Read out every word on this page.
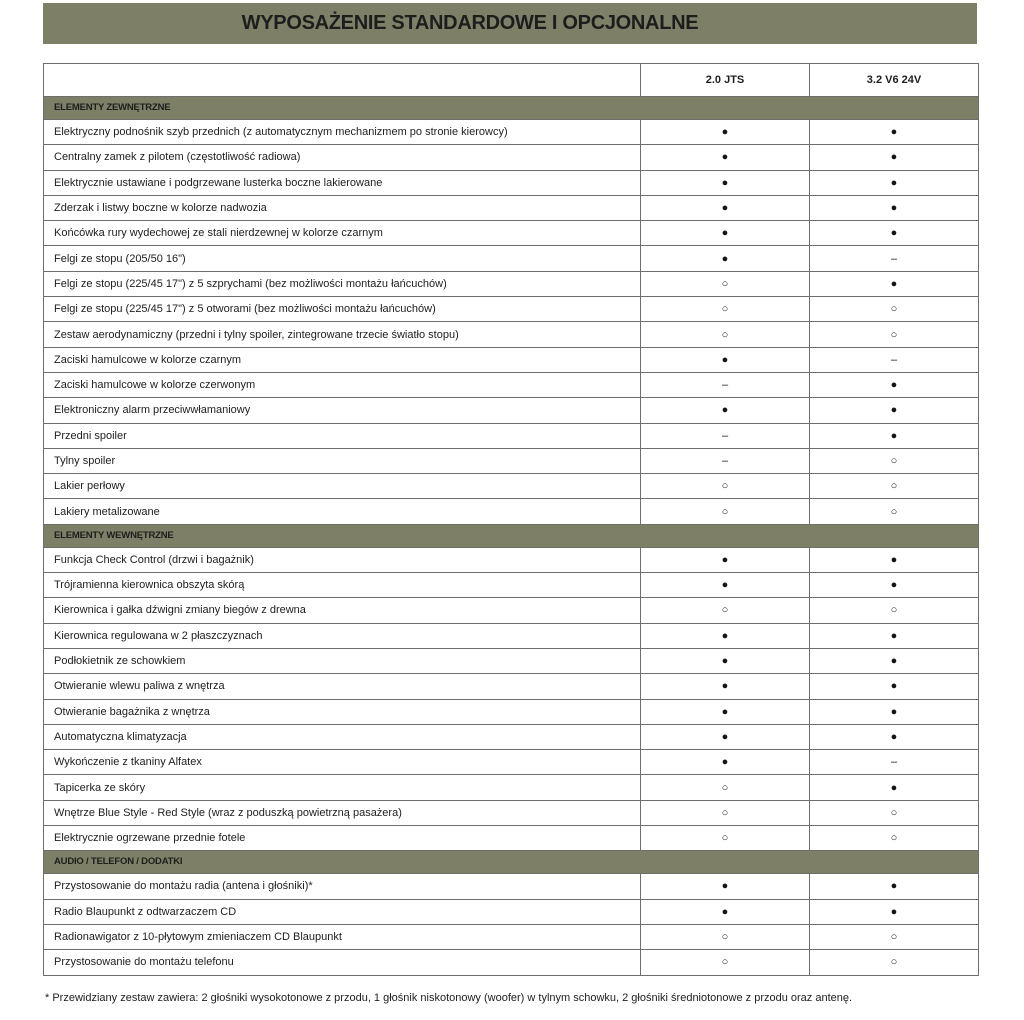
WYPOSAŻENIE STANDARDOWE I OPCJONALNE
	2.0 JTS	3.2 V6 24V
ELEMENTY ZEWNĘTRZNE		
Elektryczny podnośnik szyb przednich (z automatycznym mechanizmem po stronie kierowcy)	●	●
Centralny zamek z pilotem (częstotliwość radiowa)	●	●
Elektrycznie ustawiane i podgrzewane lusterka boczne lakierowane	●	●
Zderzak i listwy boczne w kolorze nadwozia	●	●
Końcówka rury wydechowej ze stali nierdzewnej w kolorze czarnym	●	●
Felgi ze stopu (205/50 16")	●	–
Felgi ze stopu (225/45 17") z 5 szprychami (bez możliwości montażu łańcuchów)	○	●
Felgi ze stopu (225/45 17") z 5 otworami (bez możliwości montażu łańcuchów)	○	○
Zestaw aerodynamiczny (przedni i tylny spoiler, zintegrowane trzecie światło stopu)	○	○
Zaciski hamulcowe w kolorze czarnym	●	–
Zaciski hamulcowe w kolorze czerwonym	–	●
Elektroniczny alarm przeciwwłamaniowy	●	●
Przedni spoiler	–	●
Tylny spoiler	–	○
Lakier perłowy	○	○
Lakiery metalizowane	○	○
ELEMENTY WEWNĘTRZNE		
Funkcja Check Control (drzwi i bagażnik)	●	●
Trójramienna kierownica obszyta skórą	●	●
Kierownica i gałka dźwigni zmiany biegów z drewna	○	○
Kierownica regulowana w 2 płaszczyznach	●	●
Podłokietnik ze schowkiem	●	●
Otwieranie wlewu paliwa z wnętrza	●	●
Otwieranie bagażnika z wnętrza	●	●
Automatyczna klimatyzacja	●	●
Wykończenie z tkaniny Alfatex	●	–
Tapicerka ze skóry	○	●
Wnętrze Blue Style - Red Style (wraz z poduszką powietrzną pasażera)	○	○
Elektrycznie ogrzewane przednie fotele	○	○
AUDIO / TELEFON / DODATKI		
Przystosowanie do montażu radia (antena i głośniki)*	●	●
Radio Blaupunkt z odtwarzaczem CD	●	●
Radionawigator z 10-płytowym zmieniaczem CD Blaupunkt	○	○
Przystosowanie do montażu telefonu	○	○
* Przewidziany zestaw zawiera: 2 głośniki wysokotonowe z przodu, 1 głośnik niskotonowy (woofer) w tylnym schowku, 2 głośniki średniotonowe z przodu oraz antenę.
